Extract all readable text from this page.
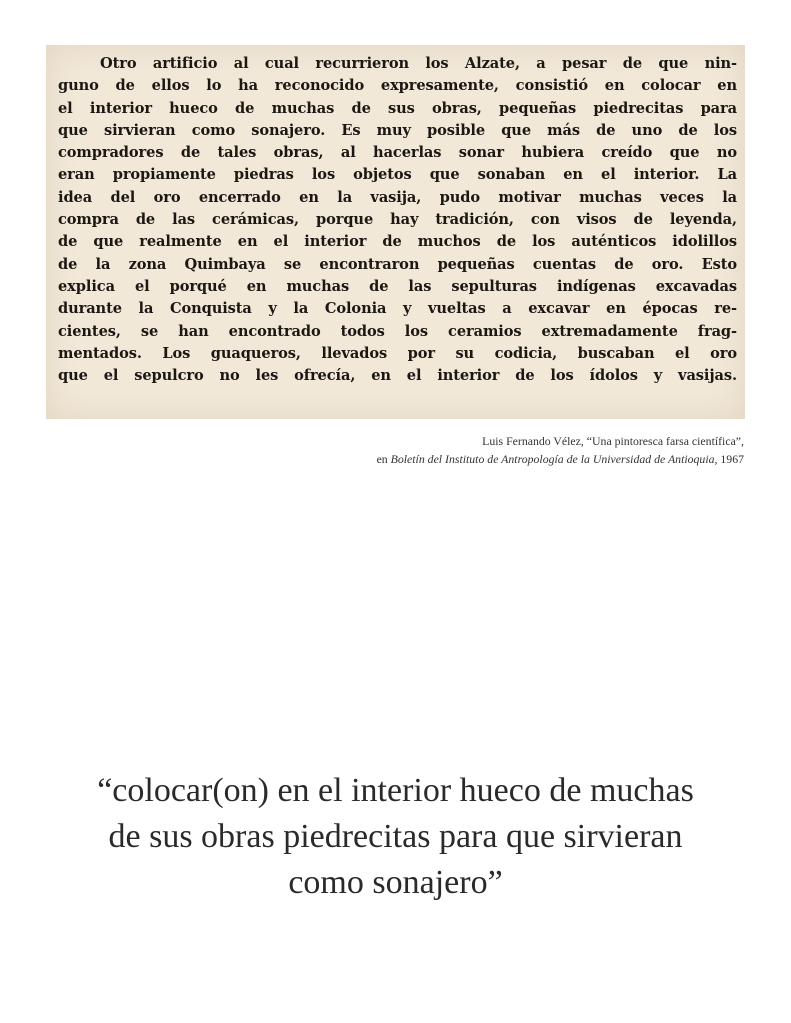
Otro artificio al cual recurrieron los Alzate, a pesar de que nin-
guno de ellos lo ha reconocido expresamente, consistió en colocar en
el interior hueco de muchas de sus obras, pequeñas piedrecitas para
que sirvieran como sonajero. Es muy posible que más de uno de los
compradores de tales obras, al hacerlas sonar hubiera creído que no
eran propiamente piedras los objetos que sonaban en el interior. La
idea del oro encerrado en la vasija, pudo motivar muchas veces la
compra de las cerámicas, porque hay tradición, con visos de leyenda,
de que realmente en el interior de muchos de los auténticos idolillos
de la zona Quimbaya se encontraron pequeñas cuentas de oro. Esto
explica el porqué en muchas de las sepulturas indígenas excavadas
durante la Conquista y la Colonia y vueltas a excavar en épocas re-
cientes, se han encontrado todos los ceramios extremadamente frag-
mentados. Los guaqueros, llevados por su codicia, buscaban el oro
que el sepulcro no les ofrecía, en el interior de los ídolos y vasijas.
Luis Fernando Vélez, “Una pintoresca farsa científica”,
en Boletín del Instituto de Antropología de la Universidad de Antioquia, 1967
“colocar(on) en el interior hueco de muchas
de sus obras piedrecitas para que sirvieran
como sonajero”
